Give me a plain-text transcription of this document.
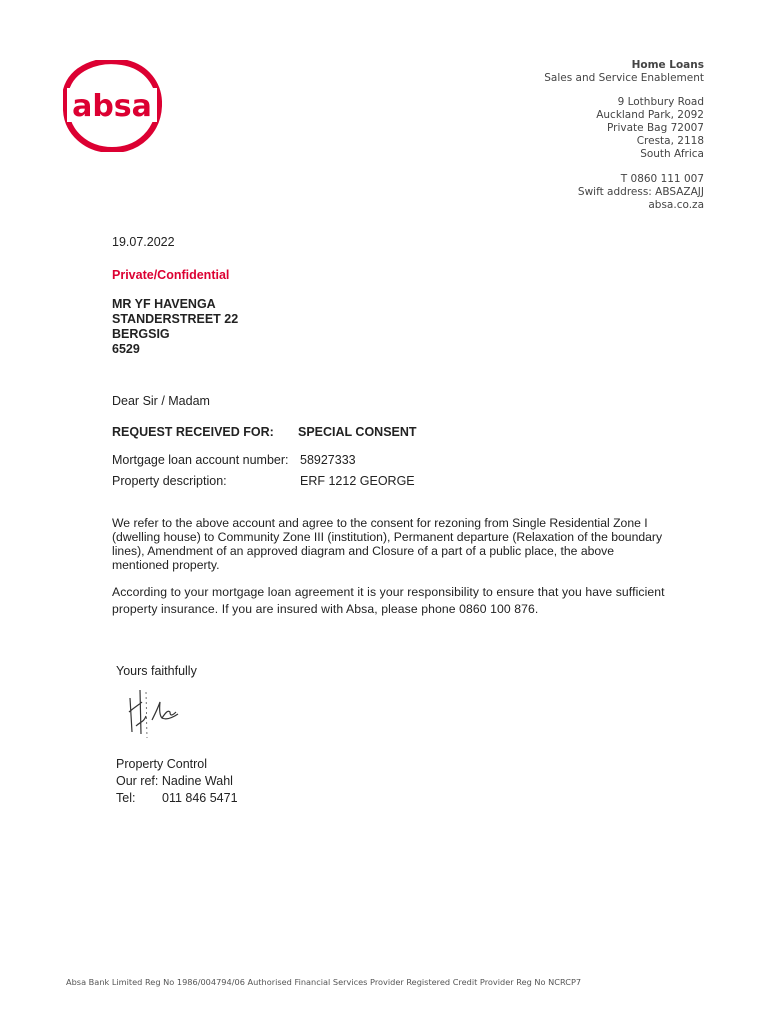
absa
Home Loans
Sales and Service Enablement
9 Lothbury Road
Auckland Park, 2092
Private Bag 72007
Cresta, 2118
South Africa
T 0860 111 007
Swift address: ABSAZAJJ
absa.co.za
19.07.2022
Private/Confidential
MR YF HAVENGA
STANDERSTREET 22
BERGSIG
6529
Dear Sir / Madam
REQUEST RECEIVED FOR: SPECIAL CONSENT
Mortgage loan account number: 58927333
Property description:	ERF 1212 GEORGE
We refer to the above account and agree to the consent for rezoning from Single Residential Zone I
(dwelling house) to Community Zone III (institution), Permanent departure (Relaxation of the boundary
lines), Amendment of an approved diagram and Closure of a part of a public place, the above
mentioned property.
According to your mortgage loan agreement it is your responsibility to ensure that you have sufficient
property insurance. If you are insured with Absa, please phone 0860 100 876.
Yours faithfully
Property Control
Our ref: Nadine Wahl
Tel: 011 846 5471
Absa Bank Limited Reg No 1986/004794/06 Authorised Financial Services Provider Registered Credit Provider Reg No NCRCP7
